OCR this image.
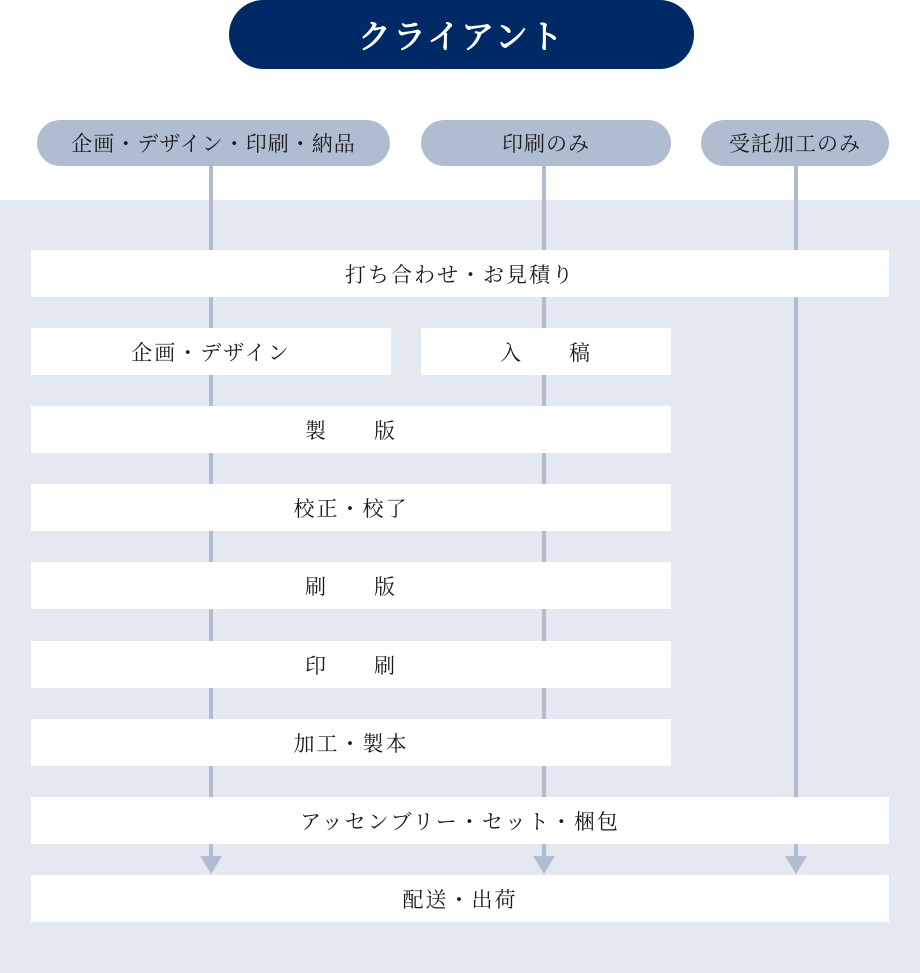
クライアント
企画・デザイン・印刷・納品	印刷のみ	受託加工のみ
打ち合わせ・お見積り
企画・デザイン	入　　稿
製　　版
校正・校了
刷　　版
印　　刷
加工・製本
アッセンブリー・セット・梱包
配送・出荷
